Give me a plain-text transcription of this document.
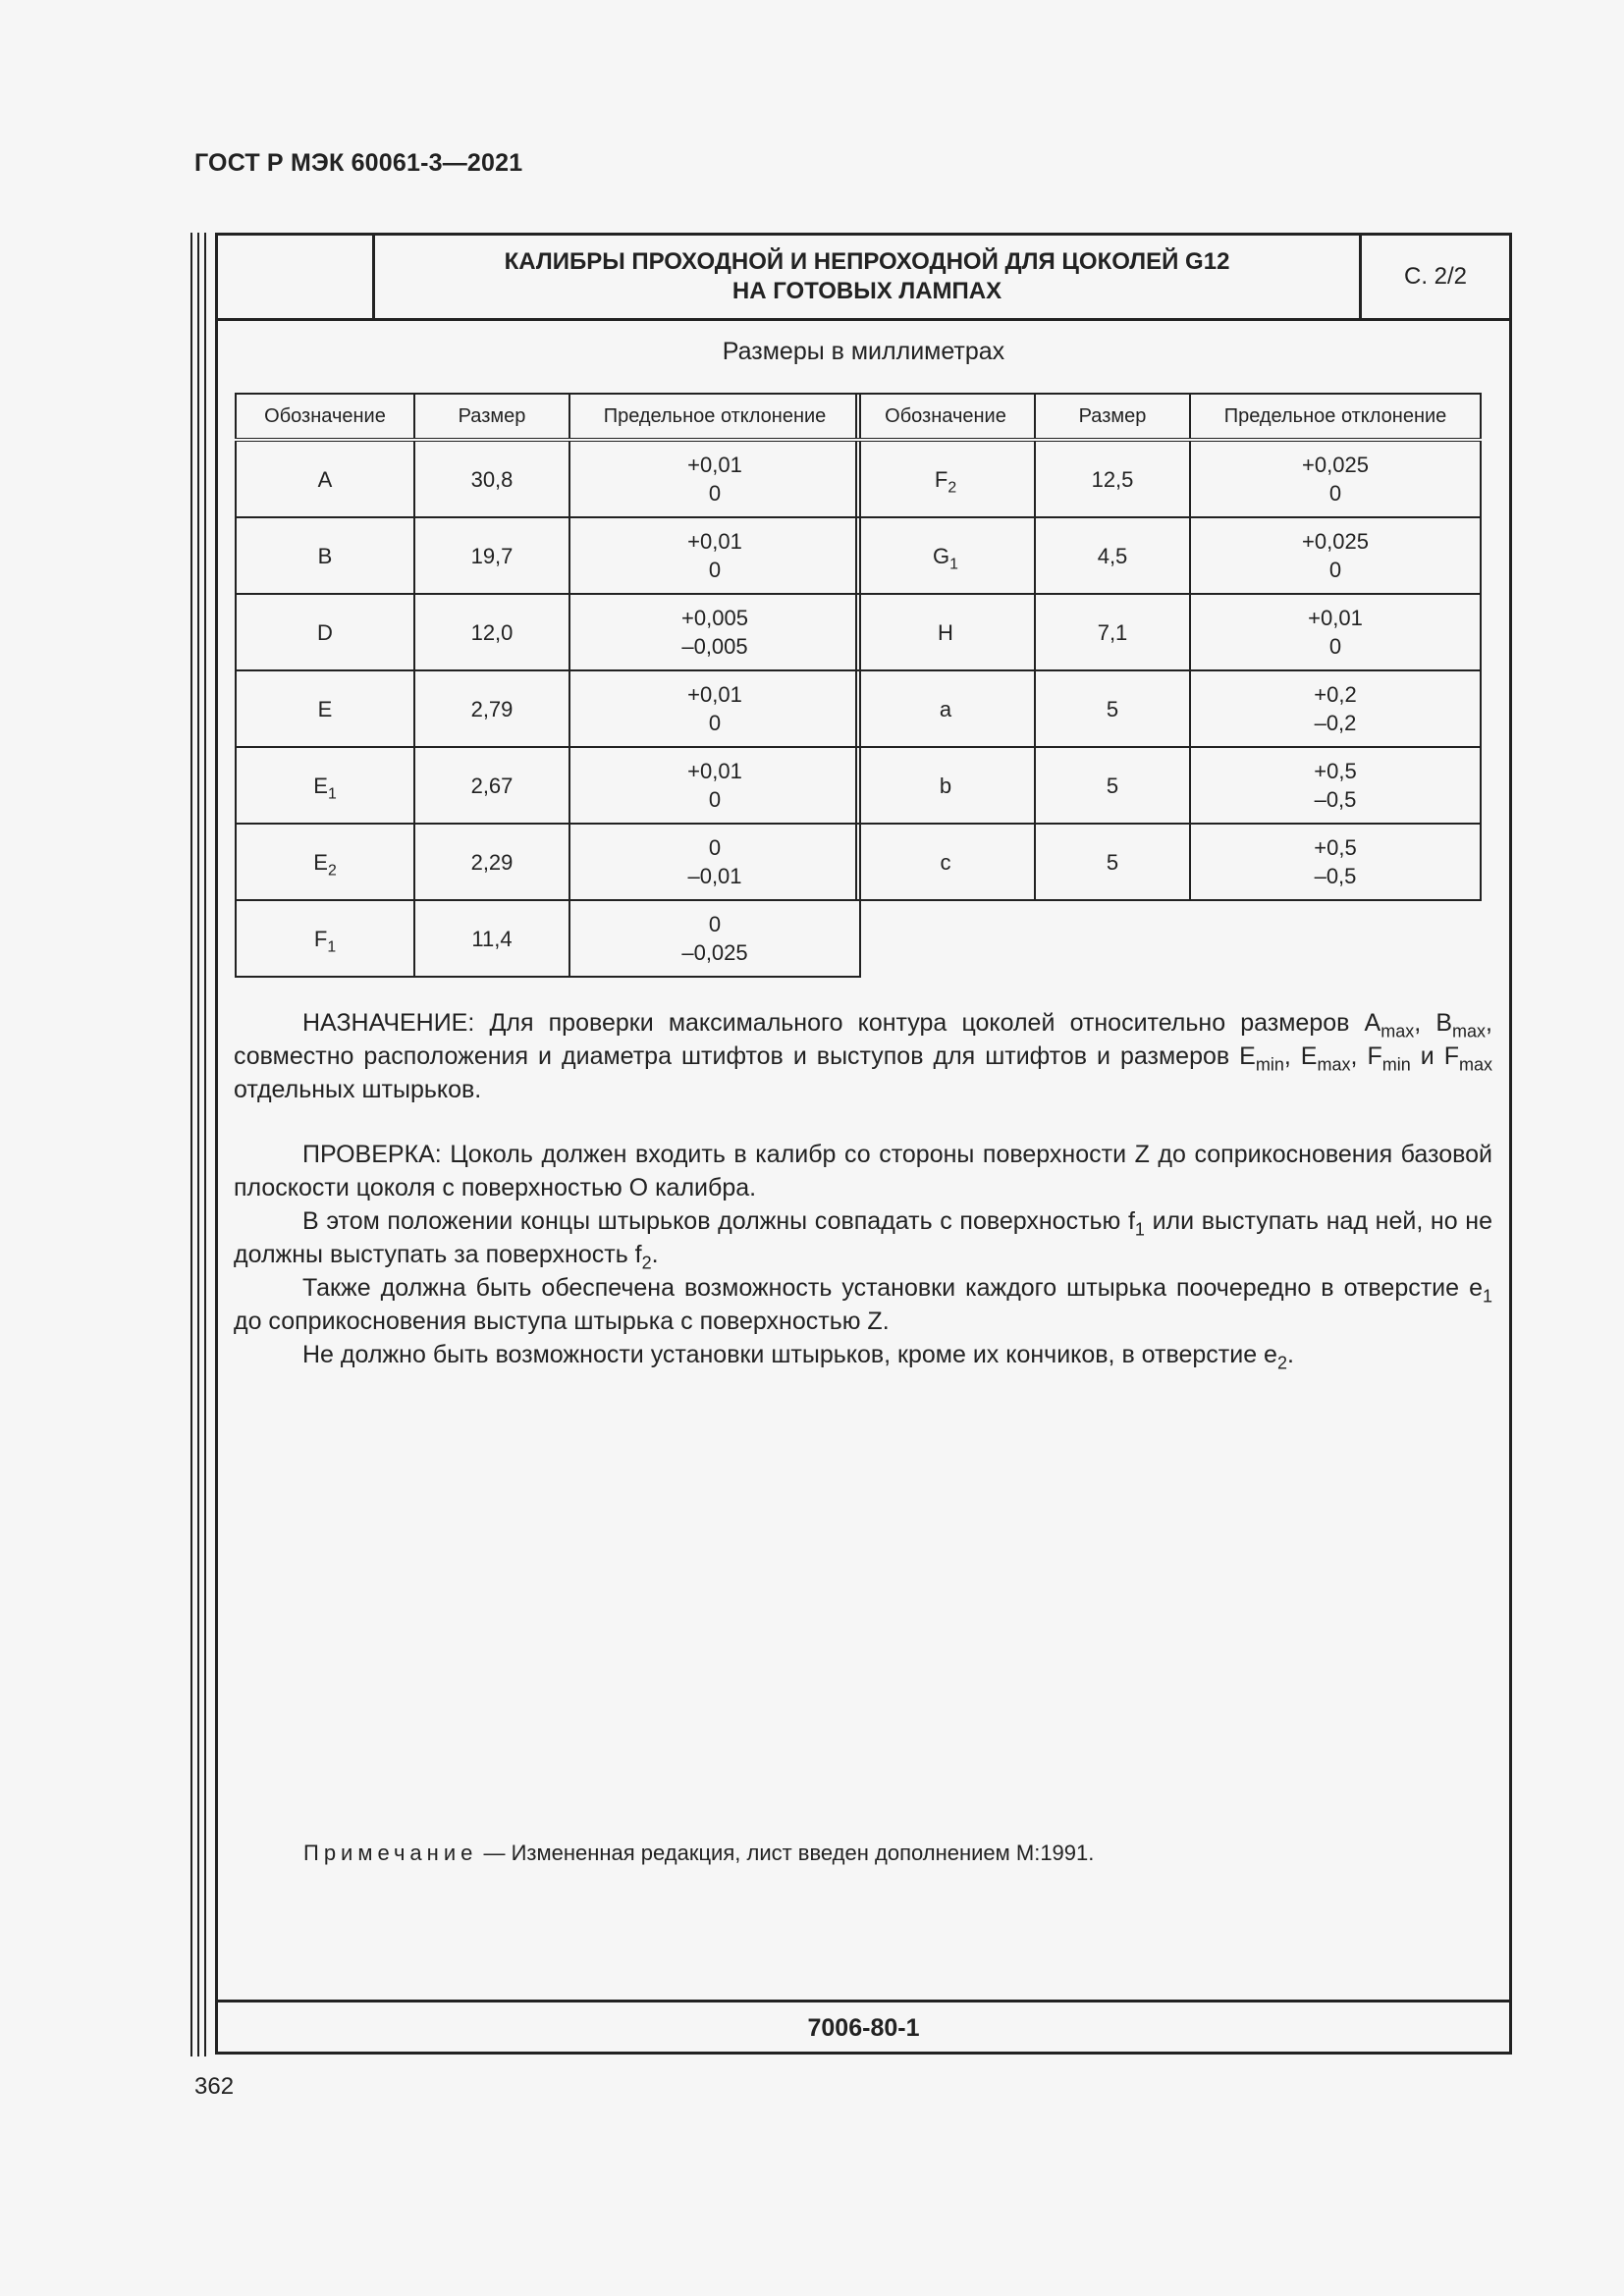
ГОСТ Р МЭК 60061-3—2021
КАЛИБРЫ ПРОХОДНОЙ И НЕПРОХОДНОЙ ДЛЯ ЦОКОЛЕЙ G12
НА ГОТОВЫХ ЛАМПАХ
С. 2/2
Размеры в миллиметрах
Обозначение	Размер	Предельное отклонение
A	30,8	+0,01
0

B	19,7	+0,01
0

D	12,0	+0,005
–0,005

E	2,79	+0,01
0

$E_1$	2,67	+0,01
0

$E_2$	2,29	0
–0,01

$F_1$	11,4	0
–0,025
Обозначение	Размер	Предельное отклонение
$F_2$	12,5	+0,025
0

$G_1$	4,5	+0,025
0

H	7,1	+0,01
0

a	5	+0,2
–0,2

b	5	+0,5
–0,5

c	5	+0,5
–0,5

НАЗНАЧЕНИЕ: Для проверки максимального контура цоколей относительно размеров $A_{max}$, $B_{max}$, совместно расположения и диаметра штифтов и выступов для штифтов и размеров $E_{min}$, $E_{max}$, $F_{min}$ и $F_{max}$ отдельных штырьков.

ПРОВЕРКА: Цоколь должен входить в калибр со стороны поверхности Z до соприкосновения базовой плоскости цоколя с поверхностью O калибра.

В этом положении концы штырьков должны совпадать с поверхностью $f_1$ или выступать над ней, но не должны выступать за поверхность $f_2$.

Также должна быть обеспечена возможность установки каждого штырька поочередно в отверстие $e_1$ до соприкосновения выступа штырька с поверхностью Z.

Не должно быть возможности установки штырьков, кроме их кончиков, в отверстие $e_2$.

Примечание — Измененная редакция, лист введен дополнением M:1991.
7006-80-1
362
